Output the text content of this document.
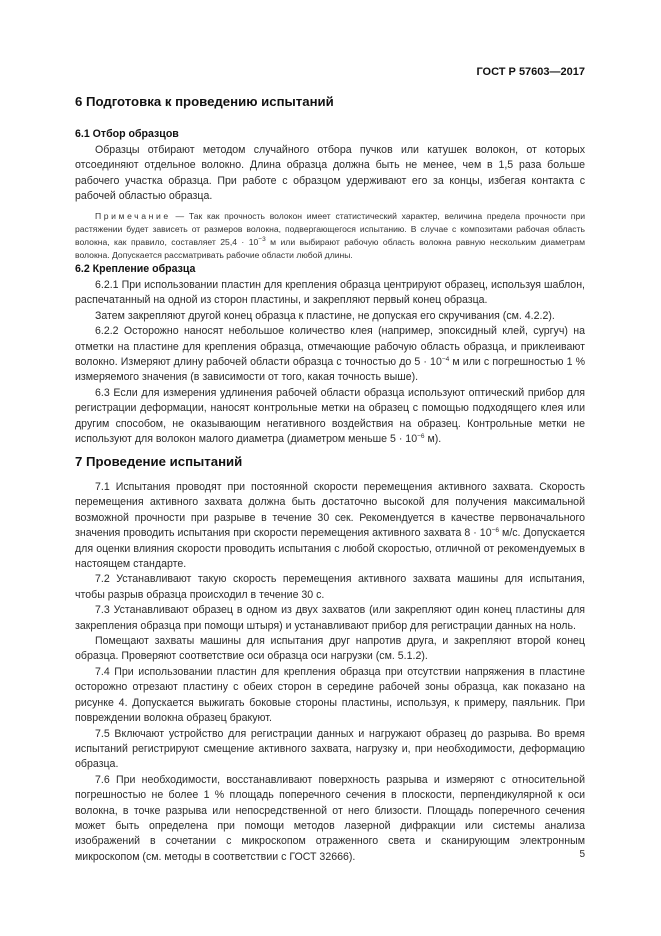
ГОСТ Р 57603—2017
6 Подготовка к проведению испытаний
6.1 Отбор образцов

Образцы отбирают методом случайного отбора пучков или катушек волокон, от которых отсоединяют отдельное волокно. Длина образца должна быть не менее, чем в 1,5 раза больше рабочего участка образца. При работе с образцом удерживают его за концы, избегая контакта с рабочей областью образца.

Примечание — Так как прочность волокон имеет статистический характер, величина предела прочности при растяжении будет зависеть от размеров волокна, подвергающегося испытанию. В случае с композитами рабочая область волокна, как правило, составляет $25,4 \cdot 10^{-3}$ м или выбирают рабочую область волокна равную нескольким диаметрам волокна. Допускается рассматривать рабочие области любой длины.

6.2 Крепление образца

6.2.1 При использовании пластин для крепления образца центрируют образец, используя шаблон, распечатанный на одной из сторон пластины, и закрепляют первый конец образца.

Затем закрепляют другой конец образца к пластине, не допуская его скручивания (см. 4.2.2).

6.2.2 Осторожно наносят небольшое количество клея (например, эпоксидный клей, сургуч) на отметки на пластине для крепления образца, отмечающие рабочую область образца, и приклеивают волокно. Измеряют длину рабочей области образца с точностью до $5 \cdot 10^{-4}$ м или с погрешностью 1 % измеряемого значения (в зависимости от того, какая точность выше).

6.3 Если для измерения удлинения рабочей области образца используют оптический прибор для регистрации деформации, наносят контрольные метки на образец с помощью подходящего клея или другим способом, не оказывающим негативного воздействия на образец. Контрольные метки не используют для волокон малого диаметра (диаметром меньше $5 \cdot 10^{-6}$ м).

7 Проведение испытаний

7.1 Испытания проводят при постоянной скорости перемещения активного захвата. Скорость перемещения активного захвата должна быть достаточно высокой для получения максимальной возможной прочности при разрыве в течение 30 сек. Рекомендуется в качестве первоначального значения проводить испытания при скорости перемещения активного захвата $8 \cdot 10^{-6}$ м/с. Допускается для оценки влияния скорости проводить испытания с любой скоростью, отличной от рекомендуемых в настоящем стандарте.

7.2 Устанавливают такую скорость перемещения активного захвата машины для испытания, чтобы разрыв образца происходил в течение 30 с.

7.3 Устанавливают образец в одном из двух захватов (или закрепляют один конец пластины для закрепления образца при помощи штыря) и устанавливают прибор для регистрации данных на ноль.

Помещают захваты машины для испытания друг напротив друга, и закрепляют второй конец образца. Проверяют соответствие оси образца оси нагрузки (см. 5.1.2).

7.4 При использовании пластин для крепления образца при отсутствии напряжения в пластине осторожно отрезают пластину с обеих сторон в середине рабочей зоны образца, как показано на рисунке 4. Допускается выжигать боковые стороны пластины, используя, к примеру, паяльник. При повреждении волокна образец бракуют.

7.5 Включают устройство для регистрации данных и нагружают образец до разрыва. Во время испытаний регистрируют смещение активного захвата, нагрузку и, при необходимости, деформацию образца.

7.6 При необходимости, восстанавливают поверхность разрыва и измеряют с относительной погрешностью не более 1 % площадь поперечного сечения в плоскости, перпендикулярной к оси волокна, в точке разрыва или непосредственной от него близости. Площадь поперечного сечения может быть определена при помощи методов лазерной дифракции или системы анализа изображений в сочетании с микроскопом отраженного света и сканирующим электронным микроскопом (см. методы в соответствии с ГОСТ 32666).	5
